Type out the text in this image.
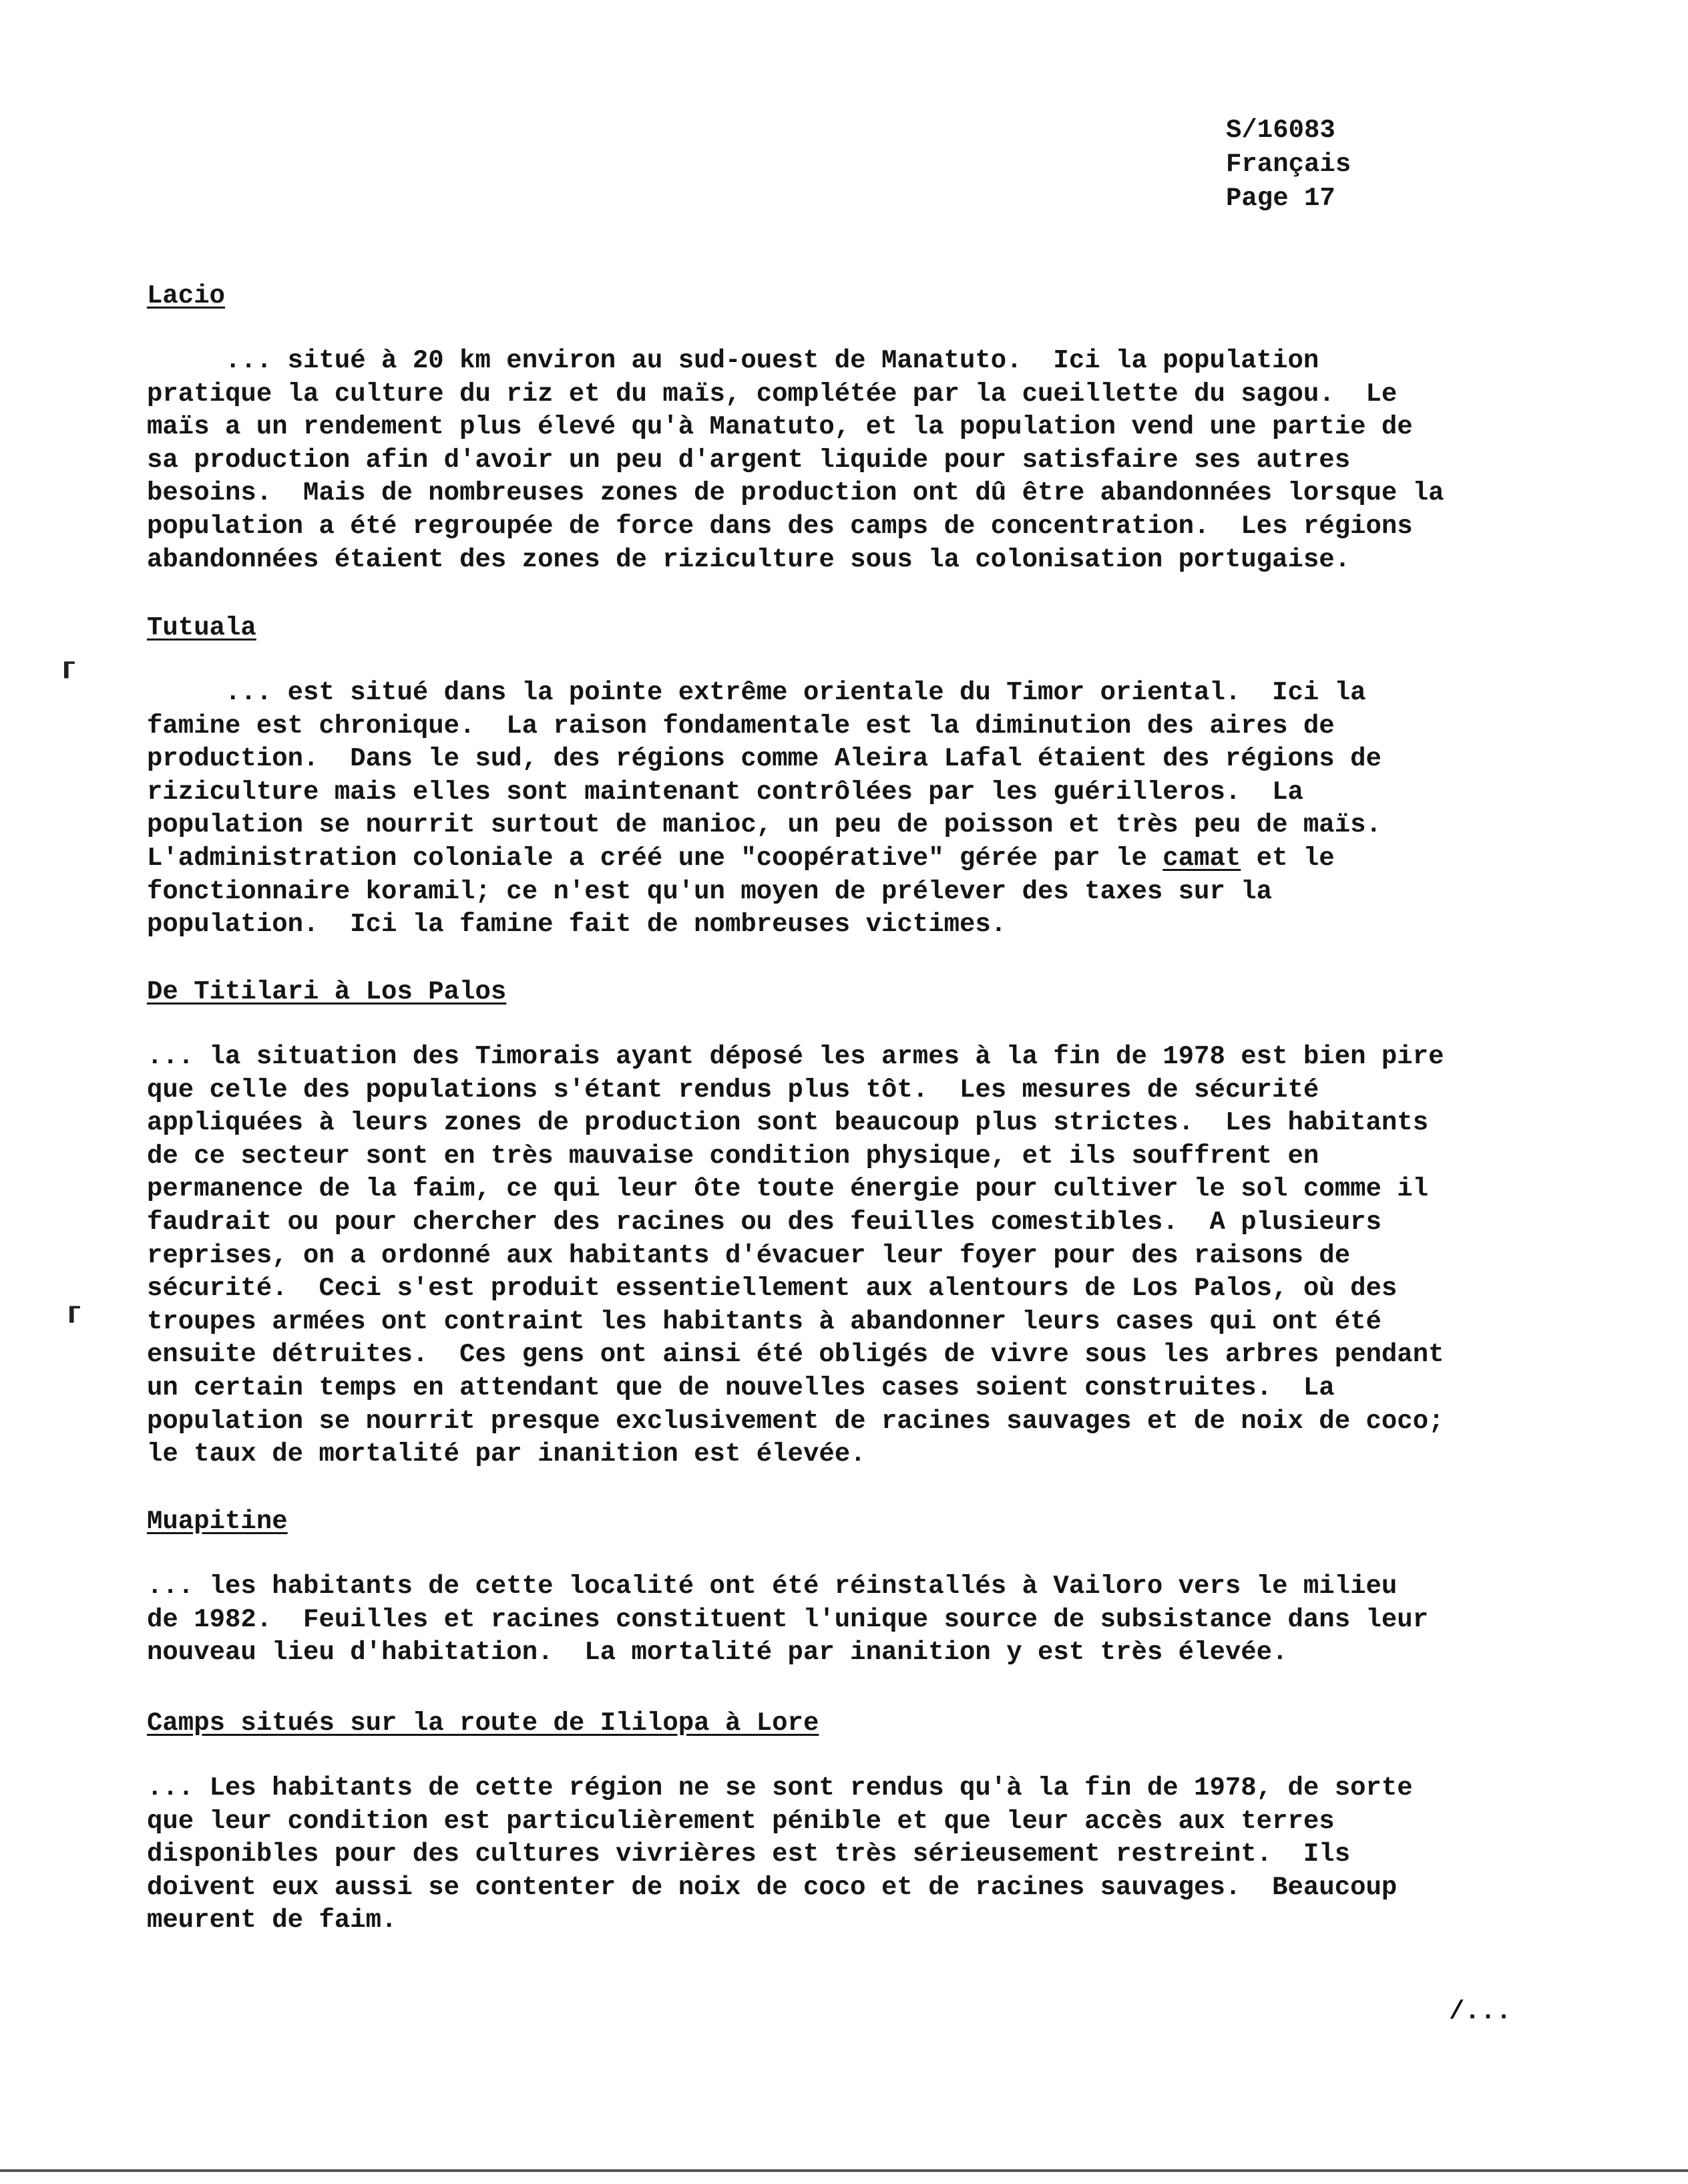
S/16083
Français
Page 17

Lacio

... situé à 20 km environ au sud-ouest de Manatuto.  Ici la population

pratique la culture du riz et du maïs, complétée par la cueillette du sagou.  Le

maïs a un rendement plus élevé qu'à Manatuto, et la population vend une partie de

sa production afin d'avoir un peu d'argent liquide pour satisfaire ses autres

besoins.  Mais de nombreuses zones de production ont dû être abandonnées lorsque la

population a été regroupée de force dans des camps de concentration.  Les régions

abandonnées étaient des zones de riziculture sous la colonisation portugaise.

Tutuala

... est situé dans la pointe extrême orientale du Timor oriental.  Ici la

famine est chronique.  La raison fondamentale est la diminution des aires de

production.  Dans le sud, des régions comme Aleira Lafal étaient des régions de

riziculture mais elles sont maintenant contrôlées par les guérilleros.  La

population se nourrit surtout de manioc, un peu de poisson et très peu de maïs.

L'administration coloniale a créé une "coopérative" gérée par le camat et le

fonctionnaire koramil; ce n'est qu'un moyen de prélever des taxes sur la

population.  Ici la famine fait de nombreuses victimes.

De Titilari à Los Palos

... la situation des Timorais ayant déposé les armes à la fin de 1978 est bien pire

que celle des populations s'étant rendus plus tôt.  Les mesures de sécurité

appliquées à leurs zones de production sont beaucoup plus strictes.  Les habitants

de ce secteur sont en très mauvaise condition physique, et ils souffrent en

permanence de la faim, ce qui leur ôte toute énergie pour cultiver le sol comme il

faudrait ou pour chercher des racines ou des feuilles comestibles.  A plusieurs

reprises, on a ordonné aux habitants d'évacuer leur foyer pour des raisons de

sécurité.  Ceci s'est produit essentiellement aux alentours de Los Palos, où des

troupes armées ont contraint les habitants à abandonner leurs cases qui ont été

ensuite détruites.  Ces gens ont ainsi été obligés de vivre sous les arbres pendant

un certain temps en attendant que de nouvelles cases soient construites.  La

population se nourrit presque exclusivement de racines sauvages et de noix de coco;

le taux de mortalité par inanition est élevée.

Muapitine

... les habitants de cette localité ont été réinstallés à Vailoro vers le milieu

de 1982.  Feuilles et racines constituent l'unique source de subsistance dans leur

nouveau lieu d'habitation.  La mortalité par inanition y est très élevée.

Camps situés sur la route de Ililopa à Lore

... Les habitants de cette région ne se sont rendus qu'à la fin de 1978, de sorte

que leur condition est particulièrement pénible et que leur accès aux terres

disponibles pour des cultures vivrières est très sérieusement restreint.  Ils

doivent eux aussi se contenter de noix de coco et de racines sauvages.  Beaucoup

meurent de faim.

⸢
⸢
/...
